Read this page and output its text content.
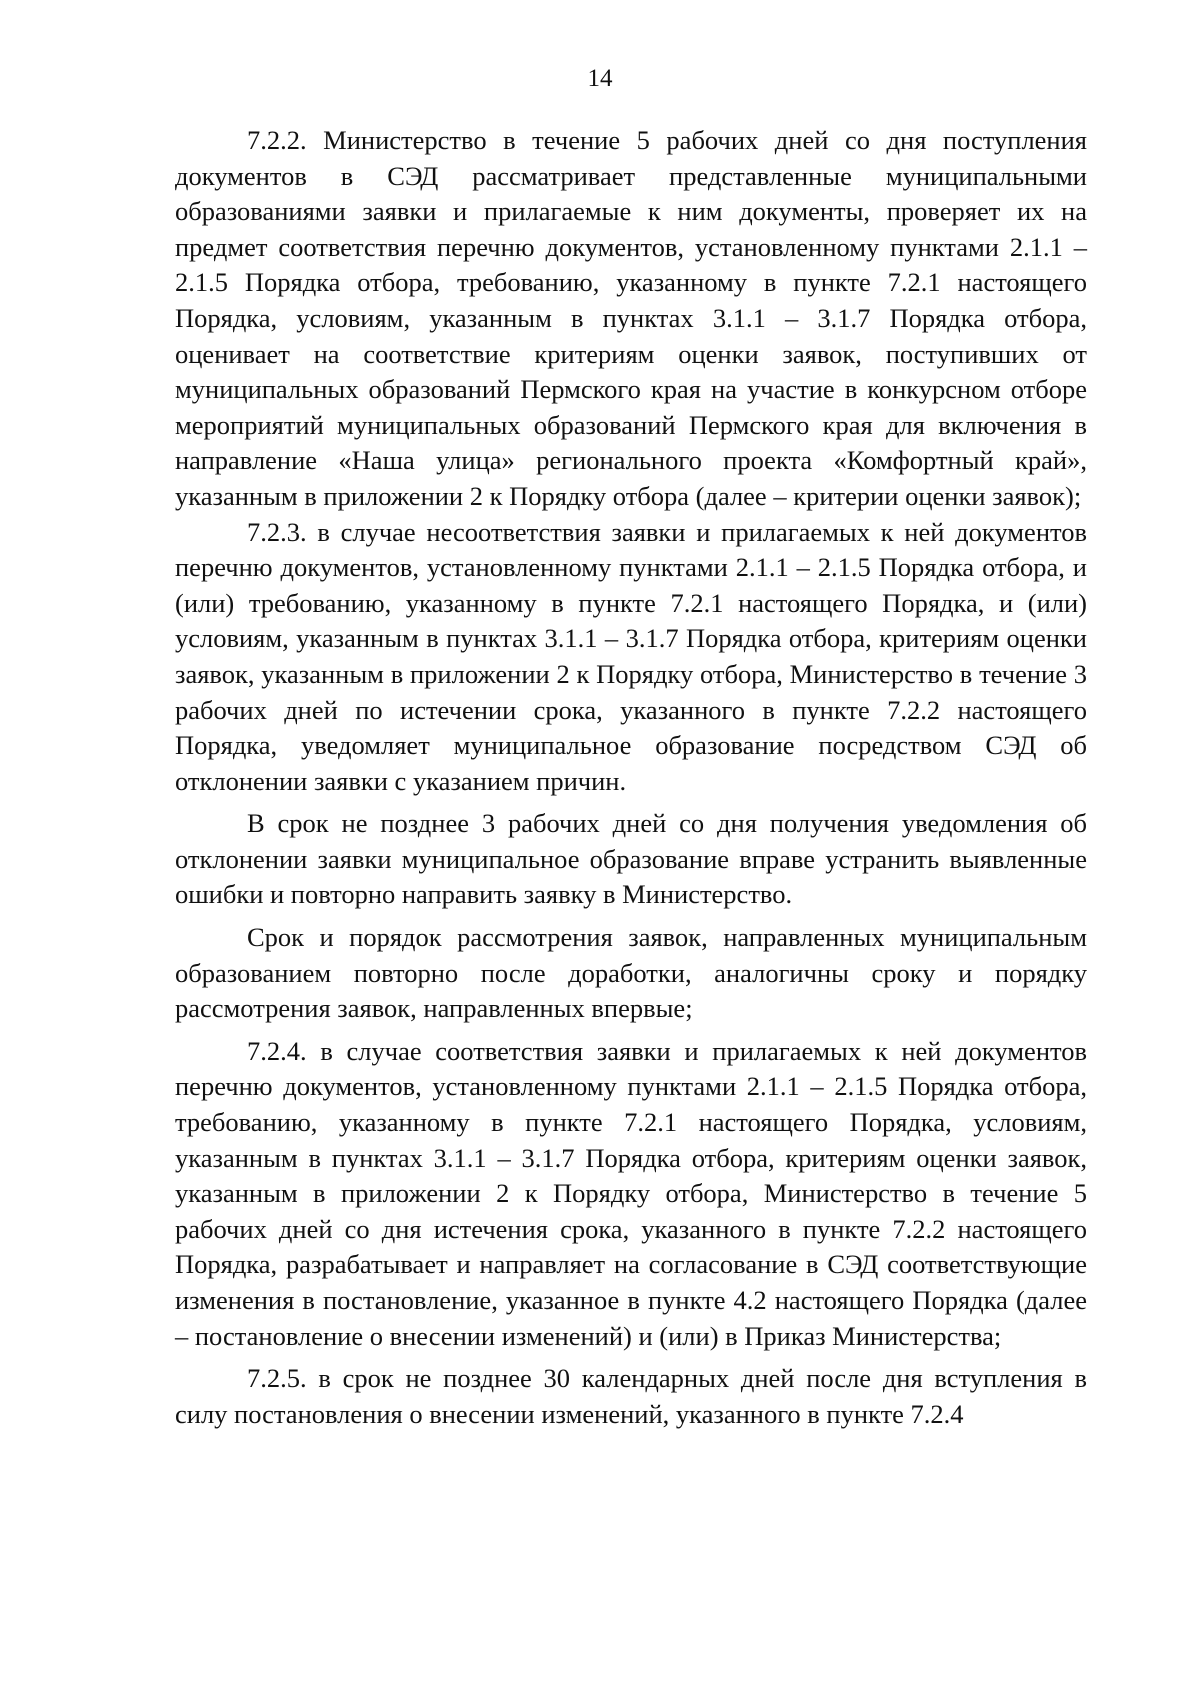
14

7.2.2. Министерство в течение 5 рабочих дней со дня поступления документов в СЭД рассматривает представленные муниципальными образованиями заявки и прилагаемые к ним документы, проверяет их на предмет соответствия перечню документов, установленному пунктами 2.1.1 – 2.1.5 Порядка отбора, требованию, указанному в пункте 7.2.1 настоящего Порядка, условиям, указанным в пунктах 3.1.1 – 3.1.7 Порядка отбора, оценивает на соответствие критериям оценки заявок, поступивших от муниципальных образований Пермского края на участие в конкурсном отборе мероприятий муниципальных образований Пермского края для включения в направление «Наша улица» регионального проекта «Комфортный край», указанным в приложении 2 к Порядку отбора (далее – критерии оценки заявок);

7.2.3. в случае несоответствия заявки и прилагаемых к ней документов перечню документов, установленному пунктами 2.1.1 – 2.1.5 Порядка отбора, и (или) требованию, указанному в пункте 7.2.1 настоящего Порядка, и (или) условиям, указанным в пунктах 3.1.1 – 3.1.7 Порядка отбора, критериям оценки заявок, указанным в приложении 2 к Порядку отбора, Министерство в течение 3 рабочих дней по истечении срока, указанного в пункте 7.2.2 настоящего Порядка, уведомляет муниципальное образование посредством СЭД об отклонении заявки с указанием причин.

В срок не позднее 3 рабочих дней со дня получения уведомления об отклонении заявки муниципальное образование вправе устранить выявленные ошибки и повторно направить заявку в Министерство.

Срок и порядок рассмотрения заявок, направленных муниципальным образованием повторно после доработки, аналогичны сроку и порядку рассмотрения заявок, направленных впервые;

7.2.4. в случае соответствия заявки и прилагаемых к ней документов перечню документов, установленному пунктами 2.1.1 – 2.1.5 Порядка отбора, требованию, указанному в пункте 7.2.1 настоящего Порядка, условиям, указанным в пунктах 3.1.1 – 3.1.7 Порядка отбора, критериям оценки заявок, указанным в приложении 2 к Порядку отбора, Министерство в течение 5 рабочих дней со дня истечения срока, указанного в пункте 7.2.2 настоящего Порядка, разрабатывает и направляет на согласование в СЭД соответствующие изменения в постановление, указанное в пункте 4.2 настоящего Порядка (далее – постановление о внесении изменений) и (или) в Приказ Министерства;

7.2.5. в срок не позднее 30 календарных дней после дня вступления в силу постановления о внесении изменений, указанного в пункте 7.2.4
